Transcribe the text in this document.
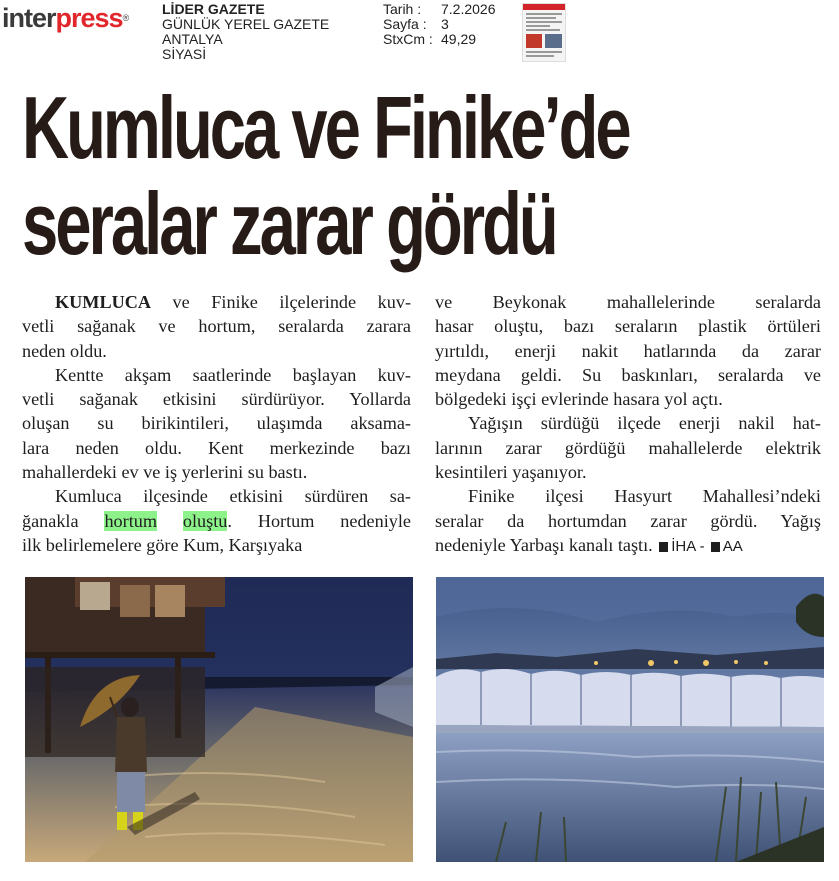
interpress®
LİDER GAZETE
GÜNLÜK YEREL GAZETE
ANTALYA
SİYASİ
Tarih :	7.2.2026
Sayfa :	3
StxCm : 49,29
Kumluca ve Finike’de
seralar zarar gördü
KUMLUCA ve Finike ilçelerinde kuv-
vetli sağanak ve hortum, seralarda zarara
neden oldu.
Kentte akşam saatlerinde başlayan kuv-
vetli sağanak etkisini sürdürüyor. Yollarda
oluşan su birikintileri, ulaşımda aksama-
lara neden oldu. Kent merkezinde bazı
mahallerdeki ev ve iş yerlerini su bastı.
Kumluca ilçesinde etkisini sürdüren sa-
ğanakla hortum oluştu. Hortum nedeniyle
ilk belirlemelere göre Kum, Karşıyaka
ve Beykonak mahallelerinde seralarda
hasar oluştu, bazı seraların plastik örtüleri
yırtıldı, enerji nakit hatlarında da zarar
meydana geldi. Su baskınları, seralarda ve
bölgedeki işçi evlerinde hasara yol açtı.
Yağışın sürdüğü ilçede enerji nakil hat-
larının zarar gördüğü mahallelerde elektrik
kesintileri yaşanıyor.
Finike ilçesi Hasyurt Mahallesi’ndeki
seralar da hortumdan zarar gördü. Yağış
nedeniyle Yarbaşı kanalı taştı. İHA - AA
